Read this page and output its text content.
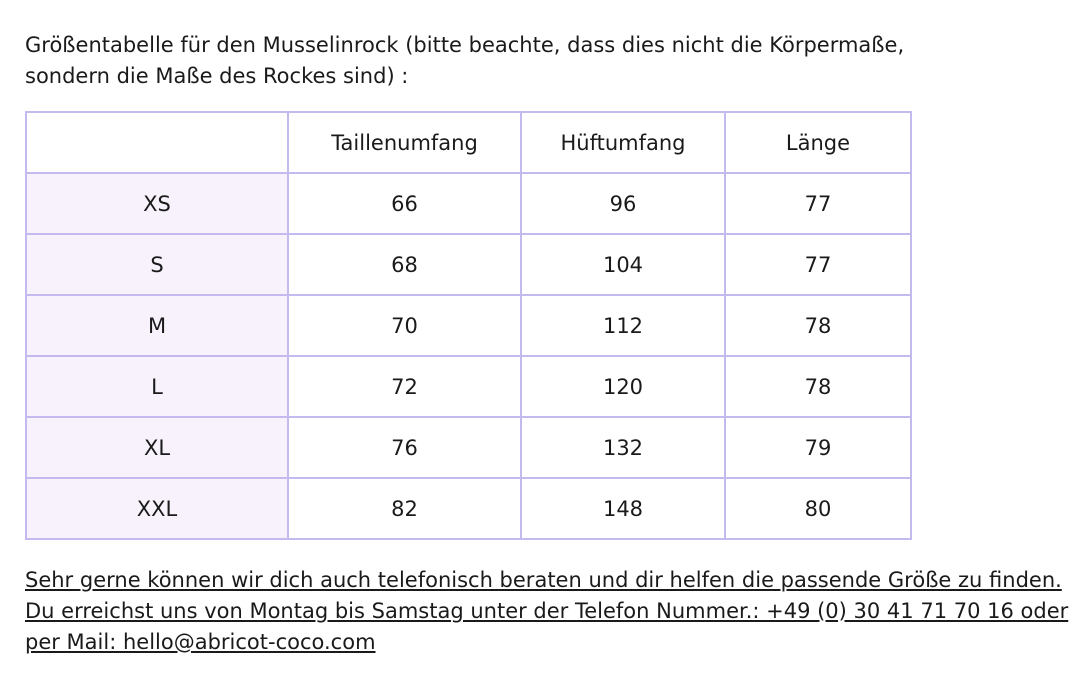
Größentabelle für den Musselinrock (bitte beachte, dass dies nicht die Körpermaße,
sondern die Maße des Rockes sind) :
	Taillenumfang	Hüftumfang	Länge
XS	66	96	77
S	68	104	77
M	70	112	78
L	72	120	78
XL	76	132	79
XXL	82	148	80
Sehr gerne können wir dich auch telefonisch beraten und dir helfen die passende Größe zu finden.
Du erreichst uns von Montag bis Samstag unter der Telefon Nummer.: +49 (0) 30 41 71 70 16 oder
per Mail: hello@abricot-coco.com
